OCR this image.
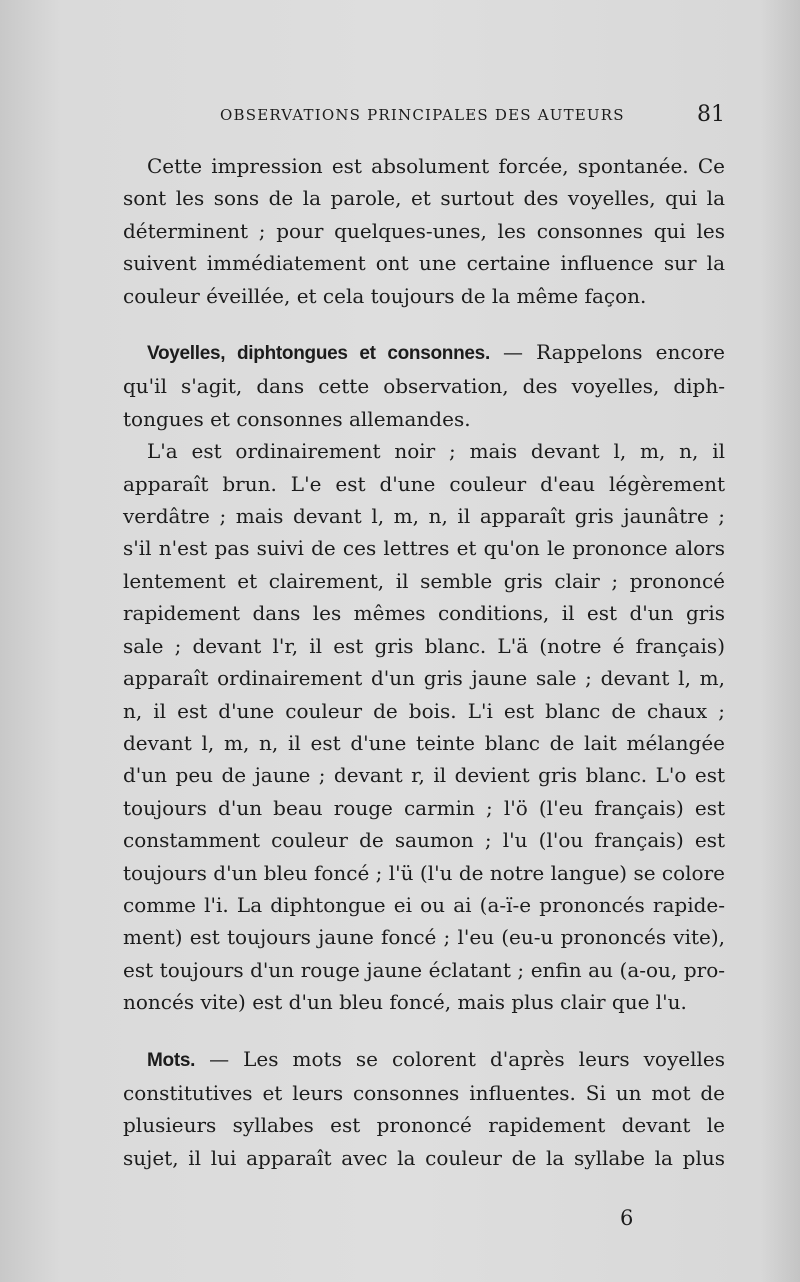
OBSERVATIONS PRINCIPALES DES AUTEURS	81

Cette impression est absolument forcée, spontanée. Ce
sont les sons de la parole, et surtout des voyelles, qui la
déterminent ; pour quelques-unes, les consonnes qui les
suivent immédiatement ont une certaine influence sur la
couleur éveillée, et cela toujours de la même façon.

Voyelles, diphtongues et consonnes. — Rappelons encore
qu'il s'agit, dans cette observation, des voyelles, diph-
tongues et consonnes allemandes.

L'a est ordinairement noir ; mais devant l, m, n, il
apparaît brun. L'e est d'une couleur d'eau légèrement
verdâtre ; mais devant l, m, n, il apparaît gris jaunâtre ;
s'il n'est pas suivi de ces lettres et qu'on le prononce alors
lentement et clairement, il semble gris clair ; prononcé
rapidement dans les mêmes conditions, il est d'un gris
sale ; devant l'r, il est gris blanc. L'ä (notre é français)
apparaît ordinairement d'un gris jaune sale ; devant l, m,
n, il est d'une couleur de bois. L'i est blanc de chaux ;
devant l, m, n, il est d'une teinte blanc de lait mélangée
d'un peu de jaune ; devant r, il devient gris blanc. L'o est
toujours d'un beau rouge carmin ; l'ö (l'eu français) est
constamment couleur de saumon ; l'u (l'ou français) est
toujours d'un bleu foncé ; l'ü (l'u de notre langue) se colore
comme l'i. La diphtongue ei ou ai (a-ï-e prononcés rapide-
ment) est toujours jaune foncé ; l'eu (eu-u prononcés vite),
est toujours d'un rouge jaune éclatant ; enfin au (a-ou, pro-
noncés vite) est d'un bleu foncé, mais plus clair que l'u.

Mots. — Les mots se colorent d'après leurs voyelles
constitutives et leurs consonnes influentes. Si un mot de
plusieurs syllabes est prononcé rapidement devant le
sujet, il lui apparaît avec la couleur de la syllabe la plus

6
